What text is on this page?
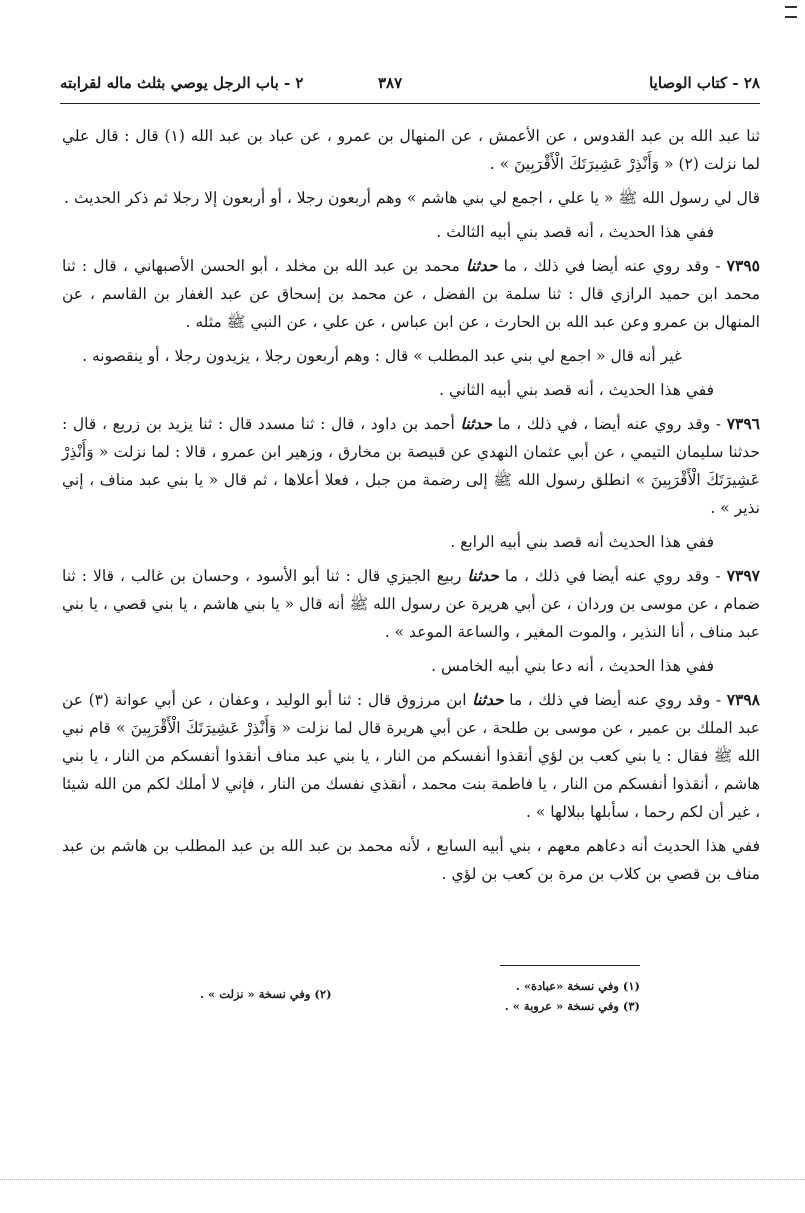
٢٨ - كتاب الوصايا
٣٨٧
٢ - باب الرجل يوصي بثلث ماله لقرابته

ثنا عبد الله بن عبد القدوس ، عن الأعمش ، عن المنهال بن عمرو ، عن عباد بن عبد الله (١) قال : قال علي لما نزلت (٢) « وَأَنْذِرْ عَشِيرَتَكَ الْأَقْرَبِينَ » .

قال لي رسول الله ﷺ « يا علي ، اجمع لي بني هاشم » وهم أربعون رجلا ، أو أربعون إلا رجلا ثم ذكر الحديث .

ففي هذا الحديث ، أنه قصد بني أبيه الثالث .

٧٣٩٥ - وقد روي عنه أيضا في ذلك ، ما حدثنا محمد بن عبد الله بن مخلد ، أبو الحسن الأصبهاني ، قال : ثنا محمد ابن حميد الرازي قال : ثنا سلمة بن الفضل ، عن محمد بن إسحاق عن عبد الغفار بن القاسم ، عن المنهال بن عمرو وعن عبد الله بن الحارث ، عن ابن عباس ، عن علي ، عن النبي ﷺ مثله .

غير أنه قال « اجمع لي بني عبد المطلب » قال : وهم أربعون رجلا ، يزيدون رجلا ، أو ينقصونه .

ففي هذا الحديث ، أنه قصد بني أبيه الثاني .

٧٣٩٦ - وقد روي عنه أيضا ، في ذلك ، ما حدثنا أحمد بن داود ، قال : ثنا مسدد قال : ثنا يزيد بن زريع ، قال : حدثنا سليمان التيمي ، عن أبي عثمان النهدي عن قبيصة بن مخارق ، وزهير ابن عمرو ، قالا : لما نزلت « وَأَنْذِرْ عَشِيرَتَكَ الْأَقْرَبِينَ » انطلق رسول الله ﷺ إلى رضمة من جبل ، فعلا أعلاها ، ثم قال « يا بني عبد مناف ، إني نذير » .

ففي هذا الحديث أنه قصد بني أبيه الرابع .

٧٣٩٧ - وقد روي عنه أيضا في ذلك ، ما حدثنا ربيع الجيزي قال : ثنا أبو الأسود ، وحسان بن غالب ، قالا : ثنا ضمام ، عن موسى بن وردان ، عن أبي هريرة عن رسول الله ﷺ أنه قال « يا بني هاشم ، يا بني قصي ، يا بني عبد مناف ، أنا النذير ، والموت المغير ، والساعة الموعد » .

ففي هذا الحديث ، أنه دعا بني أبيه الخامس .

٧٣٩٨ - وقد روي عنه أيضا في ذلك ، ما حدثنا ابن مرزوق قال : ثنا أبو الوليد ، وعفان ، عن أبي عوانة (٣) عن عبد الملك بن عمير ، عن موسى بن طلحة ، عن أبي هريرة قال لما نزلت « وَأَنْذِرْ عَشِيرَتَكَ الْأَقْرَبِينَ » قام نبي الله ﷺ فقال : يا بني كعب بن لؤي أنقذوا أنفسكم من النار ، يا بني عبد مناف أنقذوا أنفسكم من النار ، يا بني هاشم ، أنقذوا أنفسكم من النار ، يا فاطمة بنت محمد ، أنقذي نفسك من النار ، فإني لا أملك لكم من الله شيئا ، غير أن لكم رحما ، سأبلها ببلالها » .

ففي هذا الحديث أنه دعاهم معهم ، بني أبيه السابع ، لأنه محمد بن عبد الله بن عبد المطلب بن هاشم بن عبد مناف بن قصي بن كلاب بن مرة بن كعب بن لؤي .

(١) وفي نسخة «عبادة» .
(٢) وفي نسخة « نزلت » .
(٣) وفي نسخة « عروبة » .
